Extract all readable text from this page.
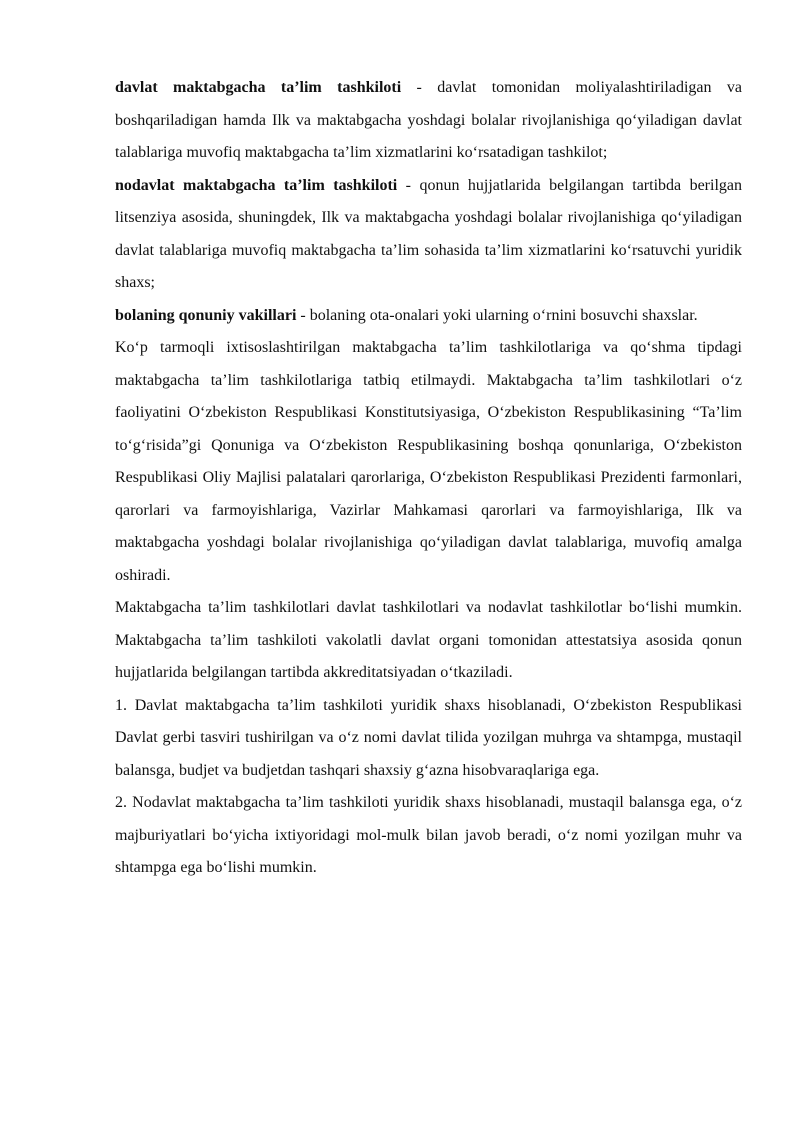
davlat maktabgacha ta’lim tashkiloti - davlat tomonidan moliyalashtiriladigan va boshqariladigan hamda Ilk va maktabgacha yoshdagi bolalar rivojlanishiga qo‘yiladigan davlat talablariga muvofiq maktabgacha ta’lim xizmatlarini ko‘rsatadigan tashkilot;

nodavlat maktabgacha ta’lim tashkiloti - qonun hujjatlarida belgilangan tartibda berilgan litsenziya asosida, shuningdek, Ilk va maktabgacha yoshdagi bolalar rivojlanishiga qo‘yiladigan davlat talablariga muvofiq maktabgacha ta’lim sohasida ta’lim xizmatlarini ko‘rsatuvchi yuridik shaxs;

bolaning qonuniy vakillari - bolaning ota-onalari yoki ularning o‘rnini bosuvchi shaxslar.

Ko‘p tarmoqli ixtisoslashtirilgan maktabgacha ta’lim tashkilotlariga va qo‘shma tipdagi maktabgacha ta’lim tashkilotlariga tatbiq etilmaydi. Maktabgacha ta’lim tashkilotlari o‘z faoliyatini O‘zbekiston Respublikasi Konstitutsiyasiga, O‘zbekiston Respublikasining “Ta’lim to‘g‘risida”gi Qonuniga va O‘zbekiston Respublikasining boshqa qonunlariga, O‘zbekiston Respublikasi Oliy Majlisi palatalari qarorlariga, O‘zbekiston Respublikasi Prezidenti farmonlari, qarorlari va farmoyishlariga, Vazirlar Mahkamasi qarorlari va farmoyishlariga, Ilk va maktabgacha yoshdagi bolalar rivojlanishiga qo‘yiladigan davlat talablariga, muvofiq amalga oshiradi.

Maktabgacha ta’lim tashkilotlari davlat tashkilotlari va nodavlat tashkilotlar bo‘lishi mumkin. Maktabgacha ta’lim tashkiloti vakolatli davlat organi tomonidan attestatsiya asosida qonun hujjatlarida belgilangan tartibda akkreditatsiyadan o‘tkaziladi.

1. Davlat maktabgacha ta’lim tashkiloti yuridik shaxs hisoblanadi, O‘zbekiston Respublikasi Davlat gerbi tasviri tushirilgan va o‘z nomi davlat tilida yozilgan muhrga va shtampga, mustaqil balansga, budjet va budjetdan tashqari shaxsiy g‘azna hisobvaraqlariga ega.

2. Nodavlat maktabgacha ta’lim tashkiloti yuridik shaxs hisoblanadi, mustaqil balansga ega, o‘z majburiyatlari bo‘yicha ixtiyoridagi mol-mulk bilan javob beradi, o‘z nomi yozilgan muhr va shtampga ega bo‘lishi mumkin.
